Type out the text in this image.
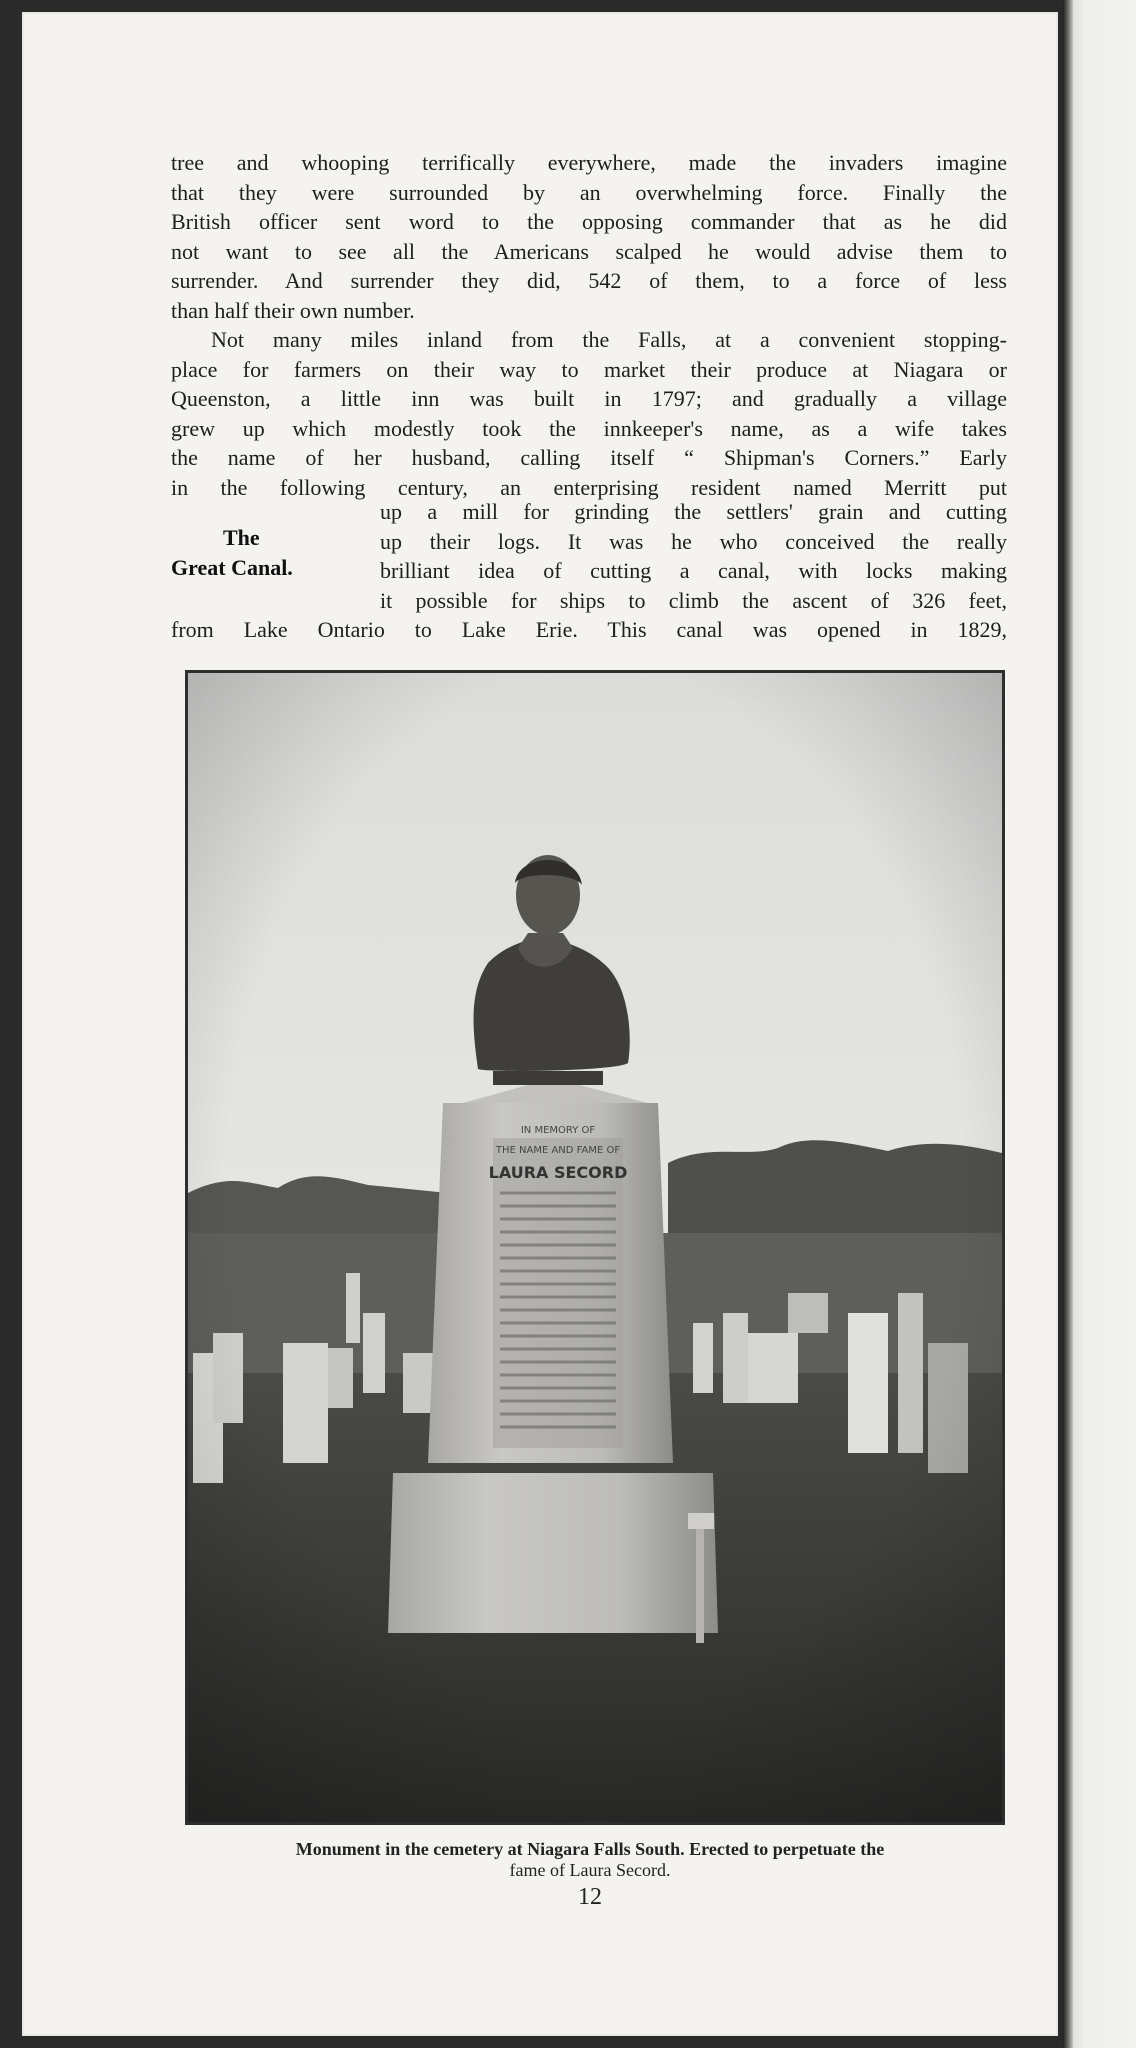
tree and whooping terrifically everywhere, made the invaders imagine
that they were surrounded by an overwhelming force. Finally the
British officer sent word to the opposing commander that as he did
not want to see all the Americans scalped he would advise them to
surrender. And surrender they did, 542 of them, to a force of less
than half their own number.
Not many miles inland from the Falls, at a convenient stopping-
place for farmers on their way to market their produce at Niagara or
Queenston, a little inn was built in 1797; and gradually a village
grew up which modestly took the innkeeper's name, as a wife takes
the name of her husband, calling itself “ Shipman's Corners.” Early
in the following century, an enterprising resident named Merritt put
The
Great Canal.
up a mill for grinding the settlers' grain and cutting
up their logs. It was he who conceived the really
brilliant idea of cutting a canal, with locks making
it possible for ships to climb the ascent of 326 feet,
from Lake Ontario to Lake Erie. This canal was opened in 1829,
Monument in the cemetery at Niagara Falls South. Erected to perpetuate the
fame of Laura Secord.
12
